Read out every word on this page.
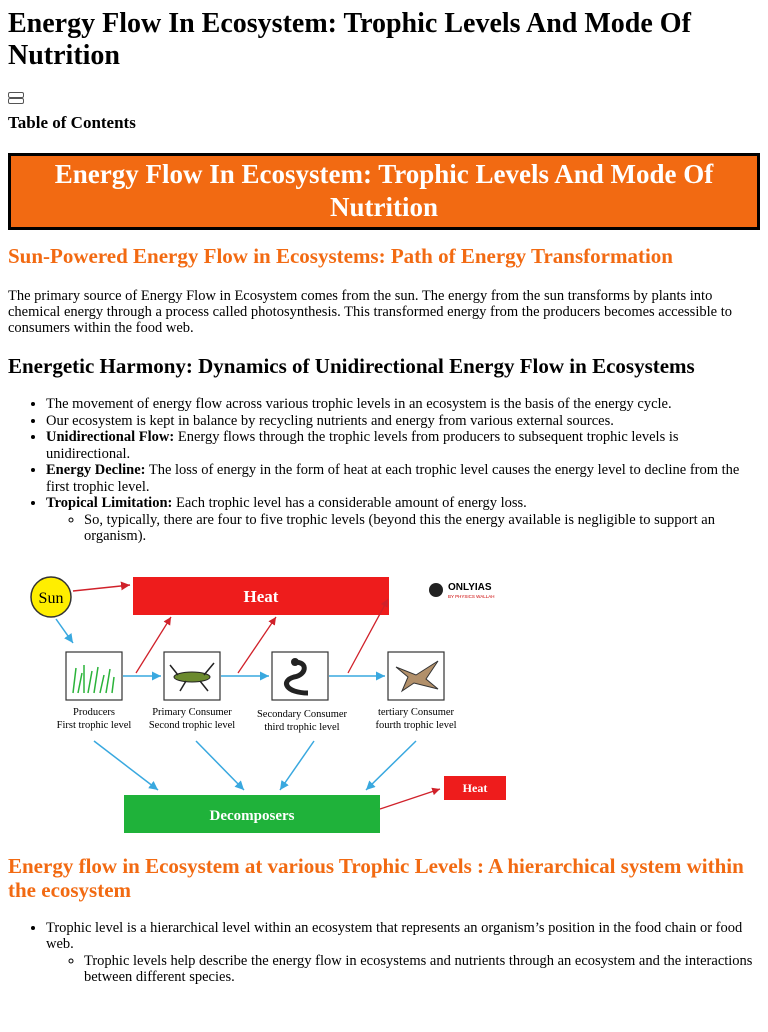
Energy Flow In Ecosystem: Trophic Levels And Mode Of Nutrition
Table of Contents
Energy Flow In Ecosystem: Trophic Levels And Mode Of Nutrition
Sun-Powered Energy Flow in Ecosystems: Path of Energy Transformation

The primary source of Energy Flow in Ecosystem comes from the sun. The energy from the sun transforms by plants into chemical energy through a process called photosynthesis. This transformed energy from the producers becomes accessible to consumers within the food web.

Energetic Harmony: Dynamics of Unidirectional Energy Flow in Ecosystems
• The movement of energy flow across various trophic levels in an ecosystem is the basis of the energy cycle.
• Our ecosystem is kept in balance by recycling nutrients and energy from various external sources.
• Unidirectional Flow: Energy flows through the trophic levels from producers to subsequent trophic levels is unidirectional.
• Energy Decline: The loss of energy in the form of heat at each trophic level causes the energy level to decline from the first trophic level.
• Tropical Limitation: Each trophic level has a considerable amount of energy loss.
◦ So, typically, there are four to five trophic levels (beyond this the energy available is negligible to support an organism).
Sun	Heat	ONLYIAS
BY PHYSICS WALLAH
Producers
First trophic level
Primary Consumer
Second trophic level
Secondary Consumer
third trophic level
tertiary Consumer
fourth trophic level
Decomposers
Heat
Energy flow in Ecosystem at various Trophic Levels : A hierarchical system within the ecosystem
• Trophic level is a hierarchical level within an ecosystem that represents an organism’s position in the food chain or food web.
◦ Trophic levels help describe the energy flow in ecosystems and nutrients through an ecosystem and the interactions between different species.
